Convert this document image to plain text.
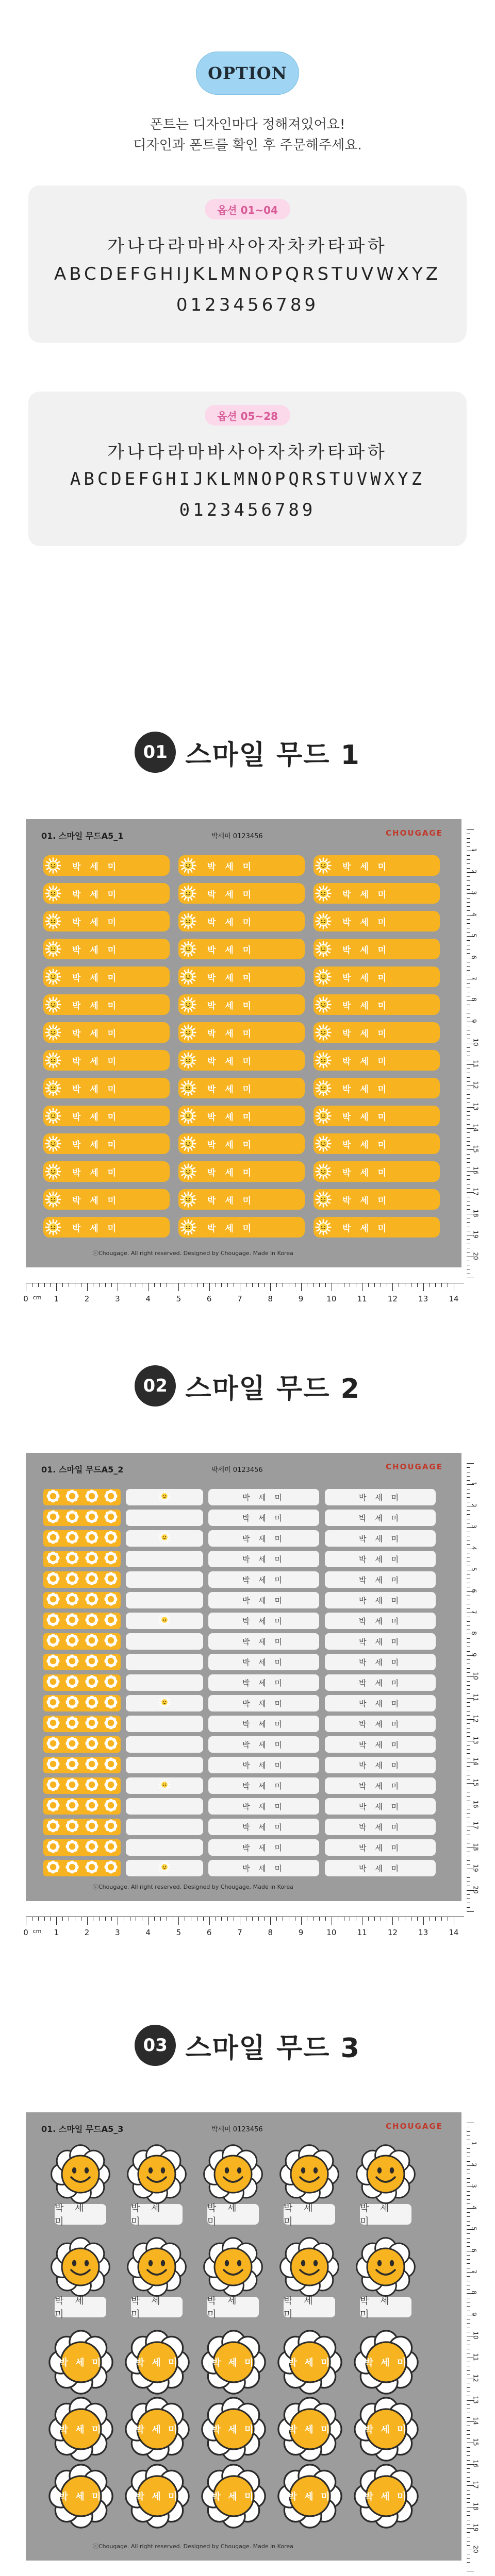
OPTION
폰트는 디자인마다 정해져있어요!
디자인과 폰트를 확인 후 주문해주세요.
옵션 01~04
가나다라마바사아자차카타파하
ABCDEFGHIJKLMNOPQRSTUVWXYZ
0123456789
옵션 05~28
가나다라마바사아자차카타파하
ABCDEFGHIJKLMNOPQRSTUVWXYZ
0123456789
01 스마일 무드 1
01. 스마일 무드A5_1	박세미 0123456	CHOUGAGE
ⓒChougage. All right reserved. Designed by Chougage. Made in Korea
박 세 미	박 세 미	박 세 미
박 세 미	박 세 미	박 세 미
박 세 미	박 세 미	박 세 미
박 세 미	박 세 미	박 세 미
박 세 미	박 세 미	박 세 미
박 세 미	박 세 미	박 세 미
박 세 미	박 세 미	박 세 미
박 세 미	박 세 미	박 세 미
박 세 미	박 세 미	박 세 미
박 세 미	박 세 미	박 세 미
박 세 미	박 세 미	박 세 미
박 세 미	박 세 미	박 세 미
박 세 미	박 세 미	박 세 미
박 세 미	박 세 미	박 세 미
1
2
3
4
5
6
7
8
9
10
11
12
13
14
15
16
17
18
19
20
0	1	2	3	4	5	6	7	8	9	10	11	12	13	14
cm
02 스마일 무드 2
01. 스마일 무드A5_2	박세미 0123456	CHOUGAGE
ⓒChougage. All right reserved. Designed by Chougage. Made in Korea
박 세 미	박 세 미
박 세 미	박 세 미
박 세 미	박 세 미
박 세 미	박 세 미
박 세 미	박 세 미
박 세 미	박 세 미
박 세 미	박 세 미
박 세 미	박 세 미
박 세 미	박 세 미
박 세 미	박 세 미
박 세 미	박 세 미
박 세 미	박 세 미
박 세 미	박 세 미
박 세 미	박 세 미
박 세 미	박 세 미
박 세 미	박 세 미
박 세 미	박 세 미
박 세 미	박 세 미
박 세 미	박 세 미
1
2
3
4
5
6
7
8
9
10
11
12
13
14
15
16
17
18
19
20
0	1	2	3	4	5	6	7	8	9	10	11	12	13	14
cm
03 스마일 무드 3
01. 스마일 무드A5_3	박세미 0123456	CHOUGAGE
ⓒChougage. All right reserved. Designed by Chougage. Made in Korea
박 세 미
박 세 미
박 세 미
박 세 미
박 세 미
박 세 미
박 세 미
박 세 미
박 세 미
박 세 미
박 세 미	박 세 미	박 세 미	박 세 미	박 세 미
박 세 미	박 세 미	박 세 미	박 세 미	박 세 미
박 세 미	박 세 미	박 세 미	박 세 미	박 세 미
1
2
3
4
5
6
7
8
9
10
11
12
13
14
15
16
17
18
19
20
